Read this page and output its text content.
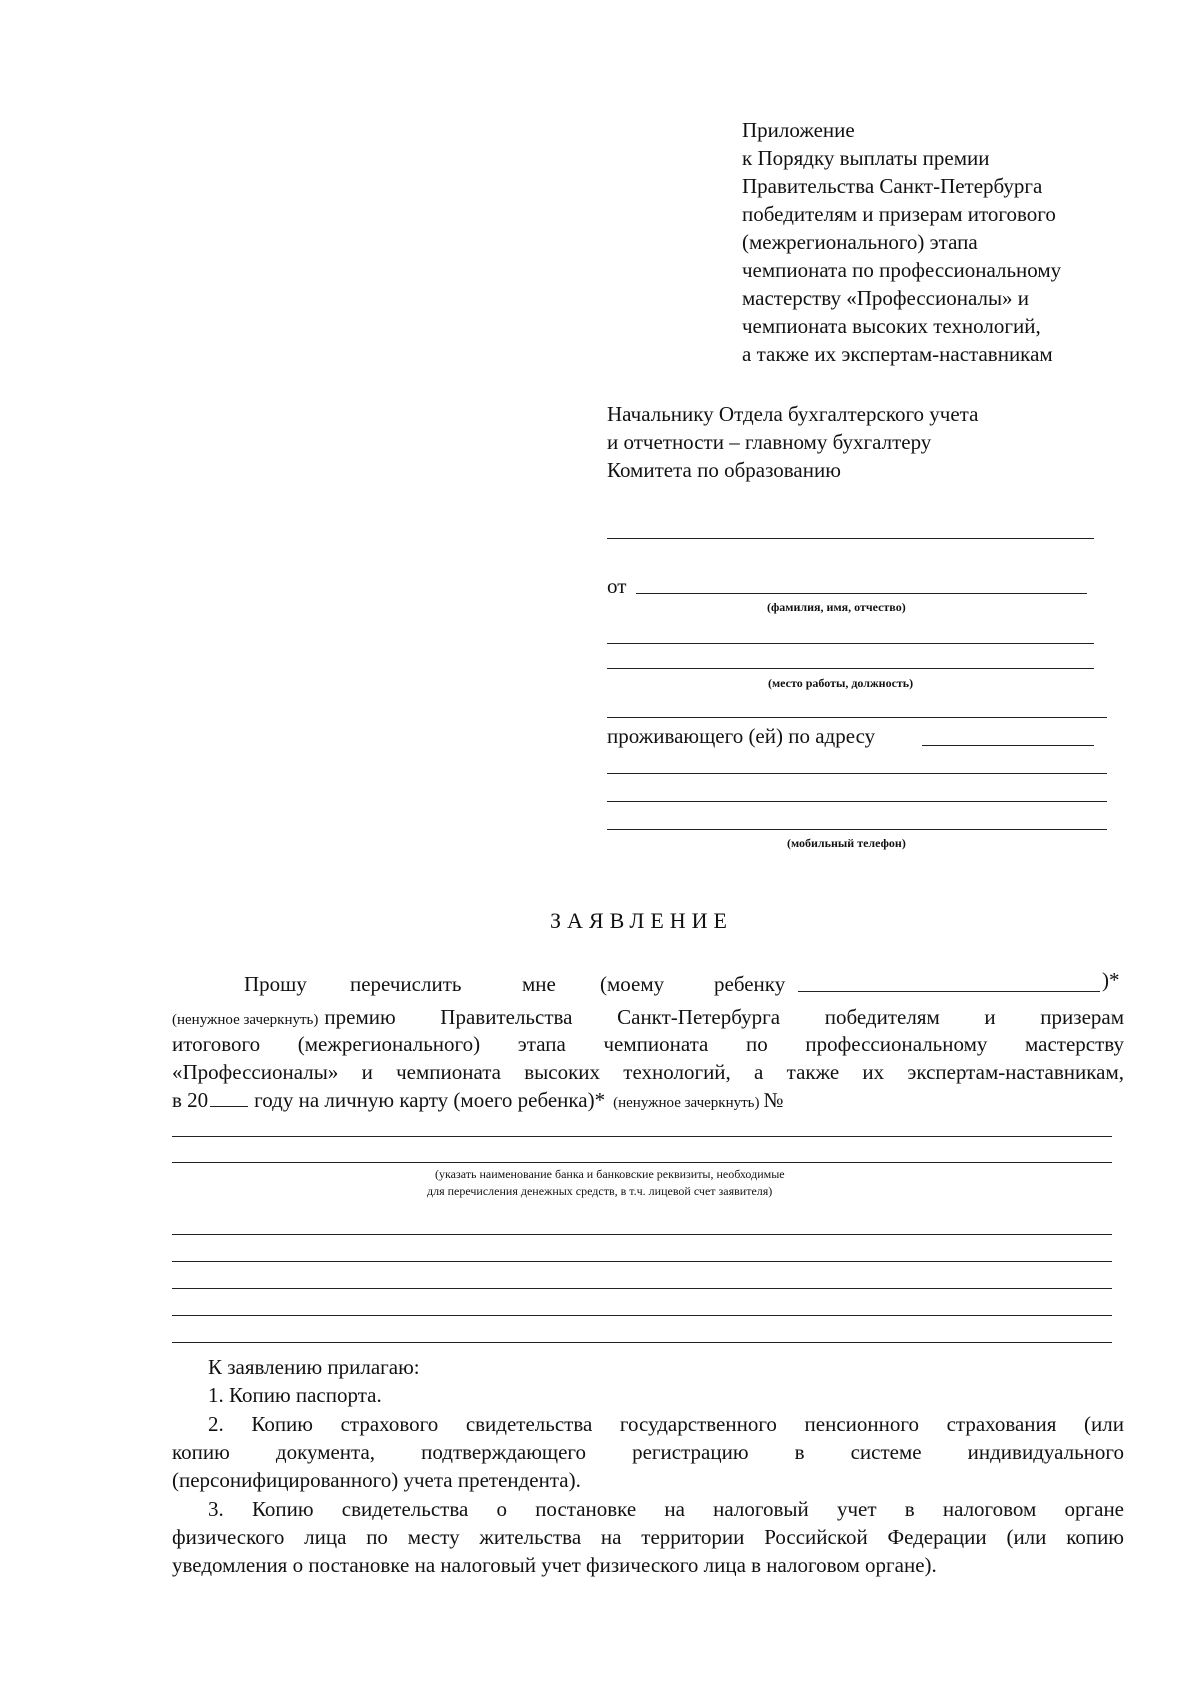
Приложение
к Порядку выплаты премии
Правительства Санкт-Петербурга
победителям и призерам итогового
(межрегионального) этапа
чемпионата по профессиональному
мастерству «Профессионалы» и
чемпионата высоких технологий,
а также их экспертам-наставникам
Начальнику Отдела бухгалтерского учета
и отчетности – главному бухгалтеру
Комитета по образованию
от
(фамилия, имя, отчество)
(место работы, должность)
проживающего (ей) по адресу
(мобильный телефон)
ЗАЯВЛЕНИЕ
Прошу перечислить	мне (моему ребенку	)*
(ненужное зачеркнуть) премию Правительства Санкт-Петербурга победителям и призерам
итогового (межрегионального) этапа чемпионата по профессиональному мастерству
«Профессионалы» и чемпионата высоких технологий, а также их экспертам-наставникам,
в 20 году на личную карту (моего ребенка)* (ненужное зачеркнуть) №
(указать наименование банка и банковские реквизиты, необходимые
для перечисления денежных средств, в т.ч. лицевой счет заявителя)
К заявлению прилагаю:
1. Копию паспорта.
2. Копию страхового свидетельства государственного пенсионного страхования (или
копию документа, подтверждающего регистрацию в системе индивидуального
(персонифицированного) учета претендента).
3. Копию свидетельства о постановке на налоговый учет в налоговом органе
физического лица по месту жительства на территории Российской Федерации (или копию
уведомления о постановке на налоговый учет физического лица в налоговом органе).
